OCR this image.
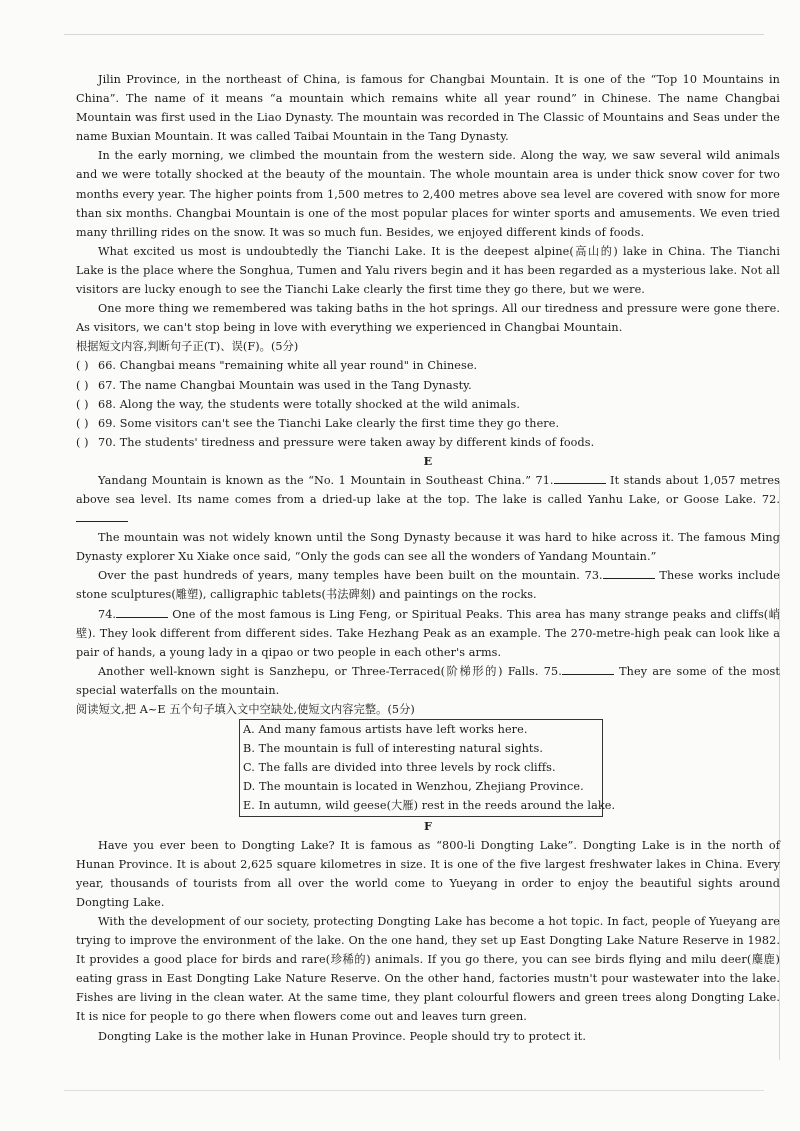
Jilin Province, in the northeast of China, is famous for Changbai Mountain. It is one of the “Top 10 Mountains in China”. The name of it means “a mountain which remains white all year round” in Chinese. The name Changbai Mountain was first used in the Liao Dynasty. The mountain was recorded in The Classic of Mountains and Seas under the name Buxian Mountain. It was called Taibai Mountain in the Tang Dynasty.

In the early morning, we climbed the mountain from the western side. Along the way, we saw several wild animals and we were totally shocked at the beauty of the mountain. The whole mountain area is under thick snow cover for two months every year. The higher points from 1,500 metres to 2,400 metres above sea level are covered with snow for more than six months. Changbai Mountain is one of the most popular places for winter sports and amusements. We even tried many thrilling rides on the snow. It was so much fun. Besides, we enjoyed different kinds of foods.

What excited us most is undoubtedly the Tianchi Lake. It is the deepest alpine(高山的) lake in China. The Tianchi Lake is the place where the Songhua, Tumen and Yalu rivers begin and it has been regarded as a mysterious lake. Not all visitors are lucky enough to see the Tianchi Lake clearly the first time they go there, but we were.

One more thing we remembered was taking baths in the hot springs. All our tiredness and pressure were gone there. As visitors, we can't stop being in love with everything we experienced in Changbai Mountain.

根据短文内容,判断句子正(T)、误(F)。(5分)

( ) 66. Changbai means "remaining white all year round" in Chinese.

( ) 67. The name Changbai Mountain was used in the Tang Dynasty.

( ) 68. Along the way, the students were totally shocked at the wild animals.

( ) 69. Some visitors can't see the Tianchi Lake clearly the first time they go there.

( ) 70. The students' tiredness and pressure were taken away by different kinds of foods.

E

Yandang Mountain is known as the “No. 1 Mountain in Southeast China.” 71.	It stands about 1,057 metres above sea level. Its name comes from a dried-up lake at the top. The lake is called Yanhu Lake, or Goose Lake. 72.

The mountain was not widely known until the Song Dynasty because it was hard to hike across it. The famous Ming Dynasty explorer Xu Xiake once said, “Only the gods can see all the wonders of Yandang Mountain.”

Over the past hundreds of years, many temples have been built on the mountain. 73.	These works include stone sculptures(雕塑), calligraphic tablets(书法碑刻) and paintings on the rocks.

74.	One of the most famous is Ling Feng, or Spiritual Peaks. This area has many strange peaks and cliffs(峭壁). They look different from different sides. Take Hezhang Peak as an example. The 270-metre-high peak can look like a pair of hands, a young lady in a qipao or two people in each other's arms.

Another well-known sight is Sanzhepu, or Three-Terraced(阶梯形的) Falls. 75.	They are some of the most special waterfalls on the mountain.

阅读短文,把 A~E 五个句子填入文中空缺处,使短文内容完整。(5分)

A. And many famous artists have left works here.

B. The mountain is full of interesting natural sights.

C. The falls are divided into three levels by rock cliffs.

D. The mountain is located in Wenzhou, Zhejiang Province.

E. In autumn, wild geese(大雁) rest in the reeds around the lake.

F

Have you ever been to Dongting Lake? It is famous as “800-li Dongting Lake”. Dongting Lake is in the north of Hunan Province. It is about 2,625 square kilometres in size. It is one of the five largest freshwater lakes in China. Every year, thousands of tourists from all over the world come to Yueyang in order to enjoy the beautiful sights around Dongting Lake.

With the development of our society, protecting Dongting Lake has become a hot topic. In fact, people of Yueyang are trying to improve the environment of the lake. On the one hand, they set up East Dongting Lake Nature Reserve in 1982. It provides a good place for birds and rare(珍稀的) animals. If you go there, you can see birds flying and milu deer(麋鹿) eating grass in East Dongting Lake Nature Reserve. On the other hand, factories mustn't pour wastewater into the lake. Fishes are living in the clean water. At the same time, they plant colourful flowers and green trees along Dongting Lake. It is nice for people to go there when flowers come out and leaves turn green.

Dongting Lake is the mother lake in Hunan Province. People should try to protect it.
